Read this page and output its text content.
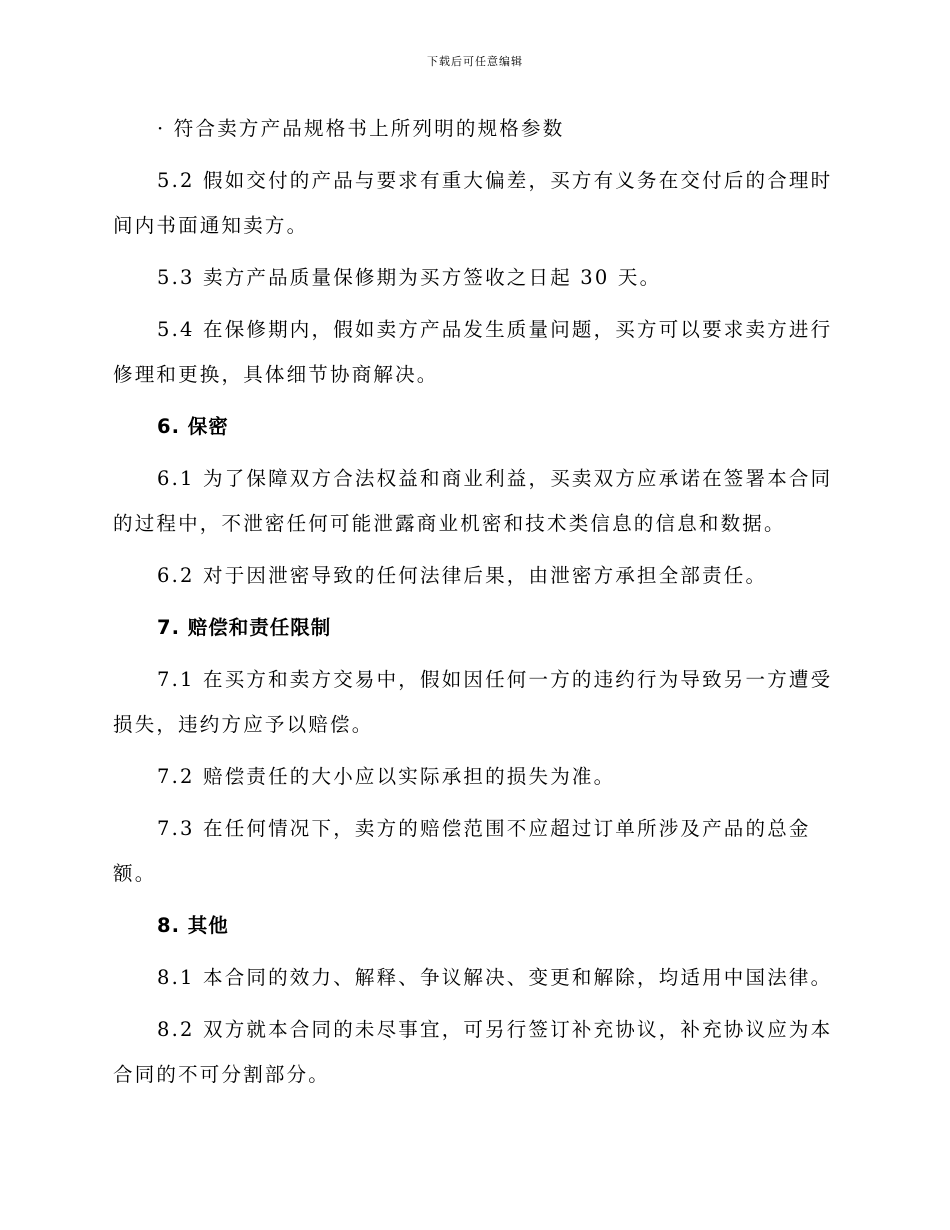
下载后可任意编辑

· 符合卖方产品规格书上所列明的规格参数

5.2 假如交付的产品与要求有重大偏差，买方有义务在交付后的合理时间内书面通知卖方。

5.3 卖方产品质量保修期为买方签收之日起 30 天。

5.4 在保修期内，假如卖方产品发生质量问题，买方可以要求卖方进行修理和更换，具体细节协商解决。

6. 保密

6.1 为了保障双方合法权益和商业利益，买卖双方应承诺在签署本合同的过程中，不泄密任何可能泄露商业机密和技术类信息的信息和数据。

6.2 对于因泄密导致的任何法律后果，由泄密方承担全部责任。

7. 赔偿和责任限制

7.1 在买方和卖方交易中，假如因任何一方的违约行为导致另一方遭受损失，违约方应予以赔偿。

7.2 赔偿责任的大小应以实际承担的损失为准。

7.3 在任何情况下，卖方的赔偿范围不应超过订单所涉及产品的总金额。

8. 其他

8.1 本合同的效力、解释、争议解决、变更和解除，均适用中国法律。

8.2 双方就本合同的未尽事宜，可另行签订补充协议，补充协议应为本合同的不可分割部分。
